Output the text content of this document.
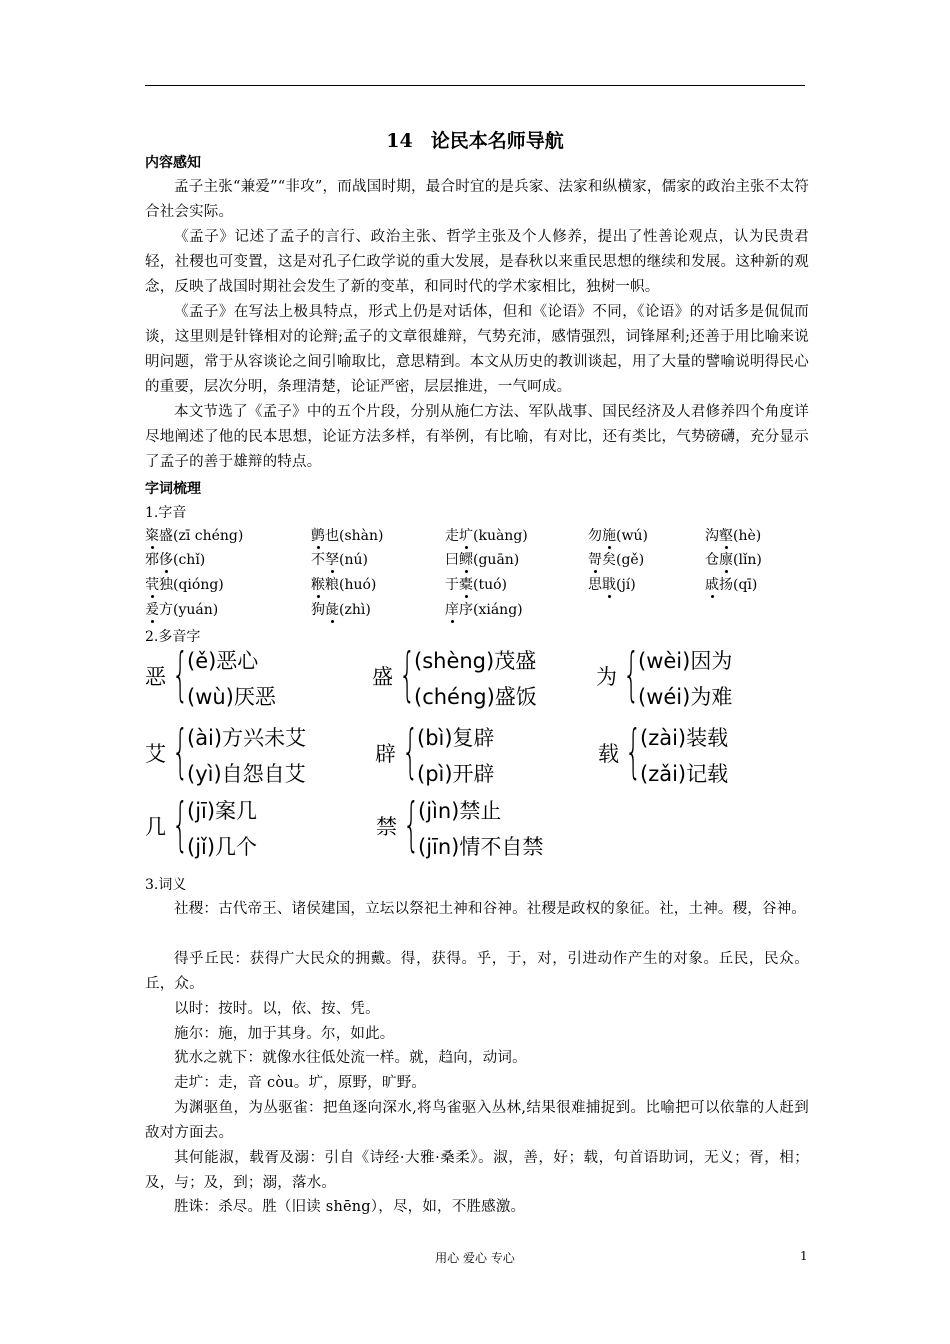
14 论民本名师导航
内容感知
孟子主张“兼爱”“非攻”，而战国时期，最合时宜的是兵家、法家和纵横家，儒家的政治主张不太符合社会实际。
《孟子》记述了孟子的言行、政治主张、哲学主张及个人修养，提出了性善论观点，认为民贵君轻，社稷也可变置，这是对孔子仁政学说的重大发展，是春秋以来重民思想的继续和发展。这种新的观念，反映了战国时期社会发生了新的变革，和同时代的学术家相比，独树一帜。
《孟子》在写法上极具特点，形式上仍是对话体，但和《论语》不同，《论语》的对话多是侃侃而谈，这里则是针锋相对的论辩;孟子的文章很雄辩，气势充沛，感情强烈，词锋犀利;还善于用比喻来说明问题，常于从容谈论之间引喻取比，意思精到。本文从历史的教训谈起，用了大量的譬喻说明得民心的重要，层次分明，条理清楚，论证严密，层层推进，一气呵成。
本文节选了《孟子》中的五个片段，分别从施仁方法、军队战事、国民经济及人君修养四个角度详尽地阐述了他的民本思想，论证方法多样，有举例，有比喻，有对比，还有类比，气势磅礴，充分显示了孟子的善于雄辩的特点。
字词梳理
1.字音
粢盛(zī chéng)	鹯也(shàn)	走圹(kuàng)	勿施(wú)	沟壑(hè)
邪侈(chǐ)	不孥(nú)	曰鳏(guān)	哿矣(gě)	仓廪(lǐn)
茕独(qióng)	糇粮(huó)	于橐(tuó)	思戢(jí)	戚扬(qī)
爰方(yuán)	狗彘(zhì)	庠序(xiáng)
2.多音字
恶 {
(ě)恶心
(wù)厌恶
盛 {
(shèng)茂盛
(chéng)盛饭
为 {
(wèi)因为
(wéi)为难
艾 {
(ài)方兴未艾
(yì)自怨自艾
辟 {
(bì)复辟
(pì)开辟
载 {
(zài)装载
(zǎi)记载
几 {
(jī)案几
(jǐ)几个
禁 {
(jìn)禁止
(jīn)情不自禁
3.词义
社稷：古代帝王、诸侯建国，立坛以祭祀土神和谷神。社稷是政权的象征。社，土神。稷，谷神。
得乎丘民：获得广大民众的拥戴。得，获得。乎，于，对，引进动作产生的对象。丘民，民众。丘，众。
以时：按时。以，依、按、凭。
施尔：施，加于其身。尔，如此。
犹水之就下：就像水往低处流一样。就，趋向，动词。
走圹：走，音 còu。圹，原野，旷野。
为渊驱鱼，为丛驱雀：把鱼逐向深水,将鸟雀驱入丛林,结果很难捕捉到。比喻把可以依靠的人赶到敌对方面去。
其何能淑，载胥及溺：引自《诗经·大雅·桑柔》。淑，善，好；载，句首语助词，无义；胥，相；及，与；及，到；溺，落水。
胜诛：杀尽。胜（旧读 shēng），尽，如，不胜感激。
用心 爱心 专心	1
